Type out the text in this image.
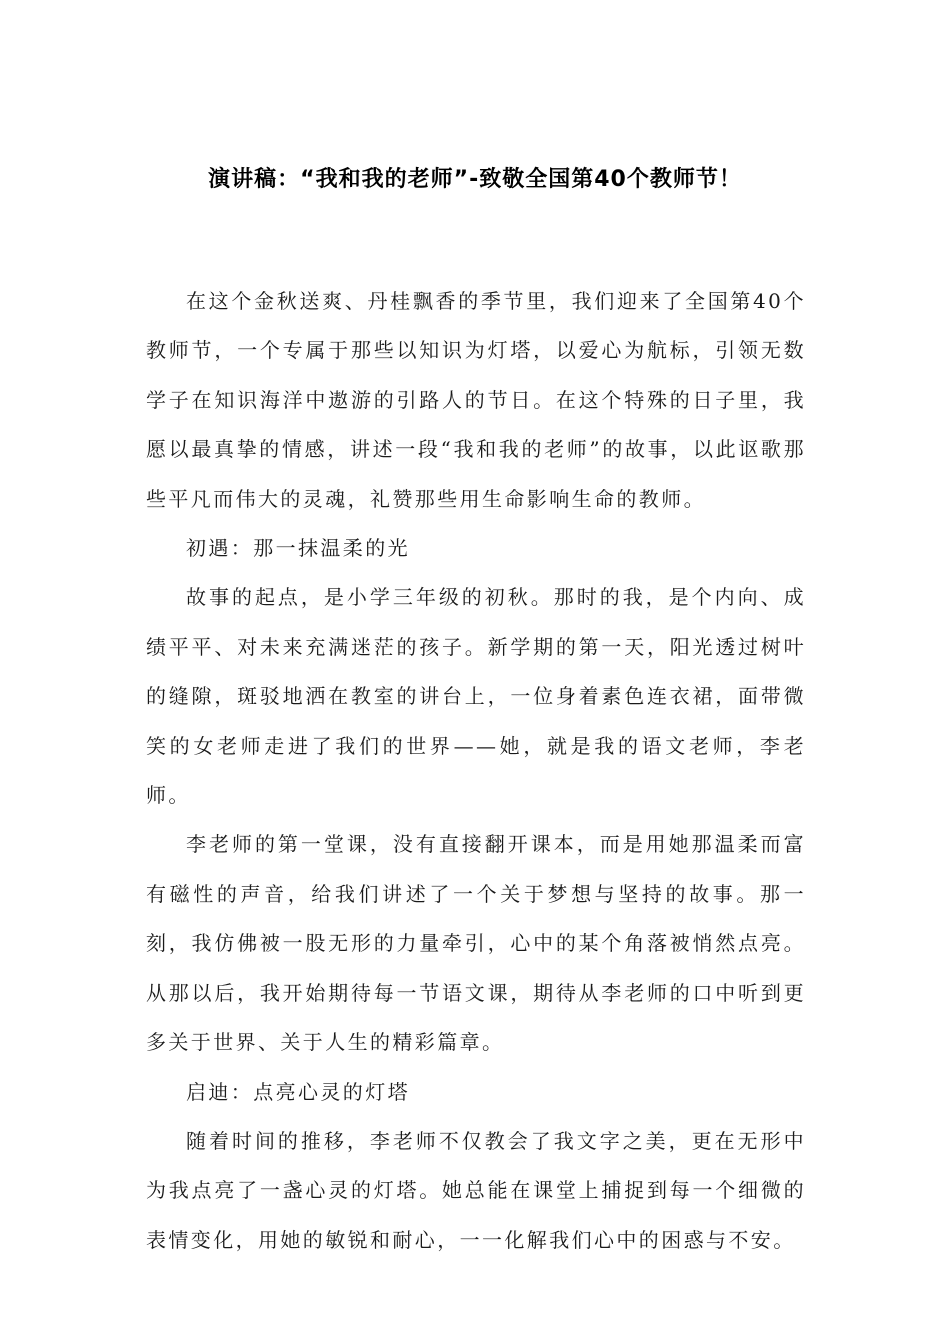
演讲稿：“我和我的老师”-致敬全国第40个教师节！

在这个金秋送爽、丹桂飘香的季节里，我们迎来了全国第40个教师节，一个专属于那些以知识为灯塔，以爱心为航标，引领无数学子在知识海洋中遨游的引路人的节日。在这个特殊的日子里，我愿以最真挚的情感，讲述一段“我和我的老师”的故事，以此讴歌那些平凡而伟大的灵魂，礼赞那些用生命影响生命的教师。

初遇：那一抹温柔的光

故事的起点，是小学三年级的初秋。那时的我，是个内向、成绩平平、对未来充满迷茫的孩子。新学期的第一天，阳光透过树叶的缝隙，斑驳地洒在教室的讲台上，一位身着素色连衣裙，面带微笑的女老师走进了我们的世界——她，就是我的语文老师，李老师。

李老师的第一堂课，没有直接翻开课本，而是用她那温柔而富有磁性的声音，给我们讲述了一个关于梦想与坚持的故事。那一刻，我仿佛被一股无形的力量牵引，心中的某个角落被悄然点亮。从那以后，我开始期待每一节语文课，期待从李老师的口中听到更多关于世界、关于人生的精彩篇章。

启迪：点亮心灵的灯塔

随着时间的推移，李老师不仅教会了我文字之美，更在无形中为我点亮了一盏心灵的灯塔。她总能在课堂上捕捉到每一个细微的表情变化，用她的敏锐和耐心，一一化解我们心中的困惑与不安。
